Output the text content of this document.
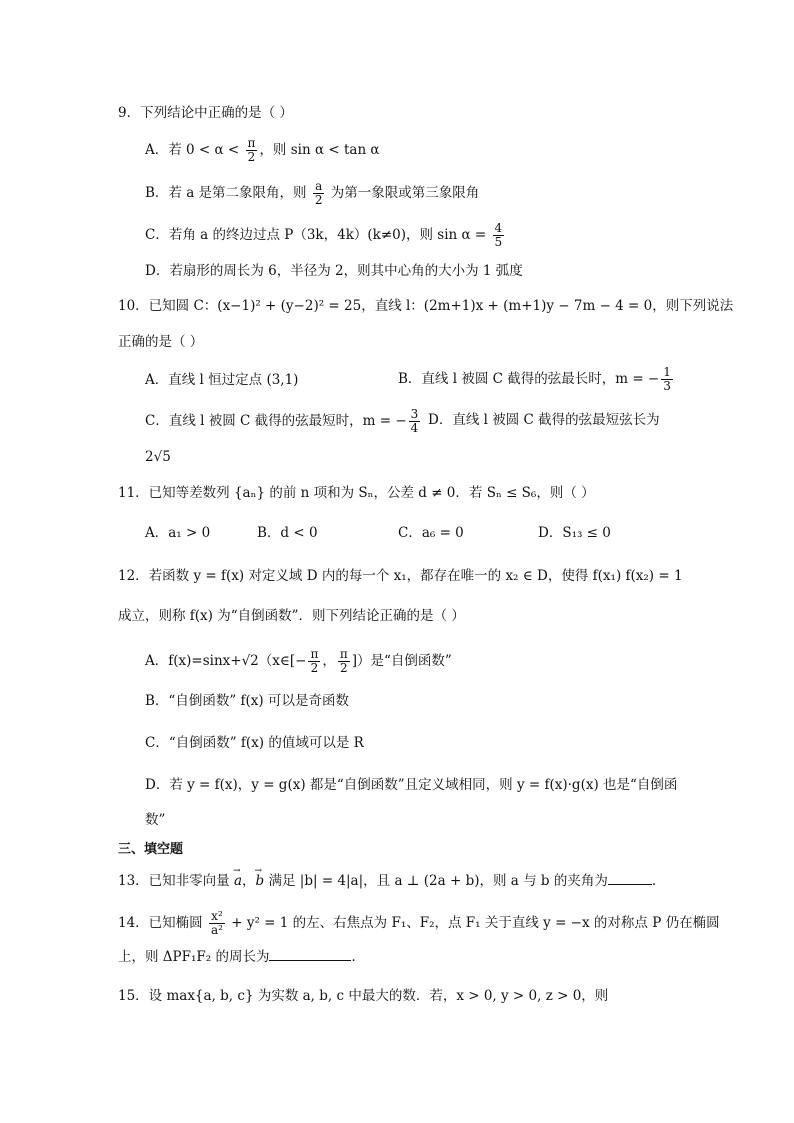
9．下列结论中正确的是（ ）
A．若 $0 < \alpha < \frac{\pi}{2}$ ，则 sin α < tan α
B．若 a 是第二象限角，则 $\frac{a}{2}$ 为第一象限或第三象限角
C．若角 a 的终边过点 P（3k，4k）(k≠0)，则 $\sin \alpha = \frac{4}{5}$
D．若扇形的周长为 6，半径为 2，则其中心角的大小为 1 弧度
10．已知圆 C：(x−1)² + (y−2)² = 25，直线 l：(2m+1)x + (m+1)y − 7m − 4 = 0，则下列说法
正确的是（ ）
A．直线 l 恒过定点 (3,1)	B．直线 l 被圆 C 截得的弦最长时，m = − $\frac{1}{3}$
C．直线 l 被圆 C 截得的弦最短时，m = − $\frac{3}{4}$ D．直线 l 被圆 C 截得的弦最短弦长为
2√5
11．已知等差数列 {aₙ} 的前 n 项和为 Sₙ，公差 d ≠ 0．若 Sₙ ≤ S₆，则（ ）
A．a₁ > 0	B．d < 0	C．a₆ = 0	D．S₁₃ ≤ 0
12．若函数 y = f(x) 对定义域 D 内的每一个 x₁，都存在唯一的 x₂ ∈ D，使得 f(x₁) f(x₂) = 1
成立，则称 f(x) 为“自倒函数”．则下列结论正确的是（ ）
A．f(x)=sinx+√2（x∈[− $\frac{\pi}{2}$ ， $\frac{\pi}{2}$ ]）是“自倒函数”
B．“自倒函数” f(x) 可以是奇函数
C．“自倒函数” f(x) 的值域可以是 R
D．若 y = f(x)，y = g(x) 都是“自倒函数”且定义域相同，则 y = f(x)·g(x) 也是“自倒函
数”
三、填空题
13．已知非零向量 → a，→ b 满足 |b| = 4|a|，且 a ⊥ (2a + b)，则 a 与 b 的夹角为	．
14．已知椭圆 $\frac{\text{x²}}{\text{a²}} + y^2 = 1$ 的左、右焦点为 F₁、F₂，点 F₁ 关于直线 y = −x 的对称点 P 仍在椭圆
上，则 ΔPF₁F₂ 的周长为	．
15．设 max{a, b, c} 为实数 a, b, c 中最大的数．若，x > 0, y > 0, z > 0，则
